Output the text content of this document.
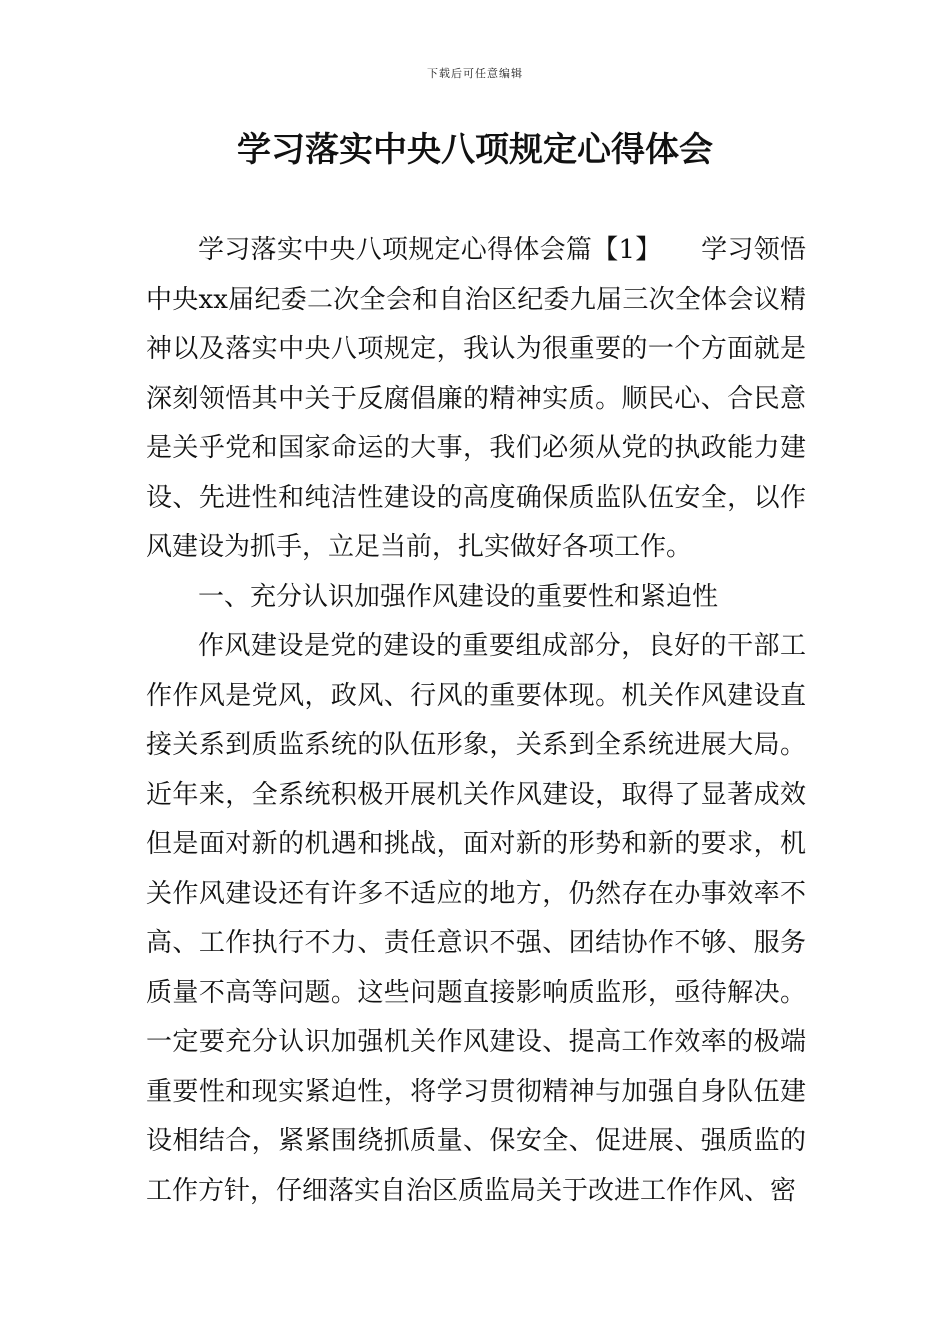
下载后可任意编辑
学习落实中央八项规定心得体会

学习落实中央八项规定心得体会篇【1】　　学习领悟中央xx届纪委二次全会和自治区纪委九届三次全体会议精神以及落实中央八项规定，我认为很重要的一个方面就是深刻领悟其中关于反腐倡廉的精神实质。顺民心、合民意是关乎党和国家命运的大事，我们必须从党的执政能力建设、先进性和纯洁性建设的高度确保质监队伍安全，以作风建设为抓手，立足当前，扎实做好各项工作。

一、充分认识加强作风建设的重要性和紧迫性

作风建设是党的建设的重要组成部分，良好的干部工作作风是党风，政风、行风的重要体现。机关作风建设直接关系到质监系统的队伍形象，关系到全系统进展大局。近年来，全系统积极开展机关作风建设，取得了显著成效但是面对新的机遇和挑战，面对新的形势和新的要求，机关作风建设还有许多不适应的地方，仍然存在办事效率不高、工作执行不力、责任意识不强、团结协作不够、服务质量不高等问题。这些问题直接影响质监形，亟待解决。一定要充分认识加强机关作风建设、提高工作效率的极端重要性和现实紧迫性，将学习贯彻精神与加强自身队伍建设相结合，紧紧围绕抓质量、保安全、促进展、强质监的工作方针，仔细落实自治区质监局关于改进工作作风、密
